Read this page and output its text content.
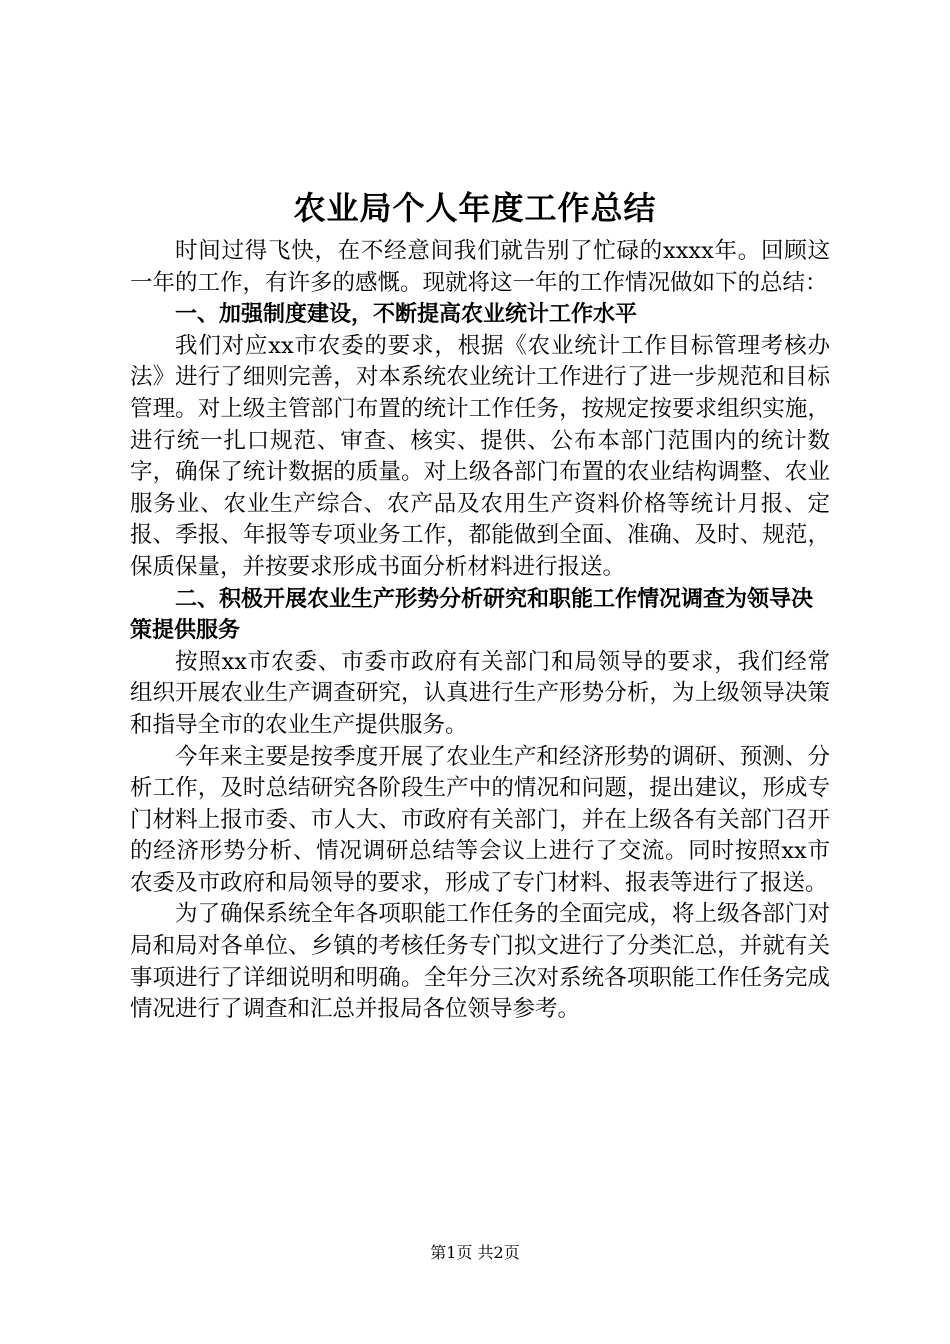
农业局个人年度工作总结

时间过得飞快，在不经意间我们就告别了忙碌的xxxx年。回顾这一年的工作，有许多的感慨。现就将这一年的工作情况做如下的总结：

一、加强制度建设，不断提高农业统计工作水平

我们对应xx市农委的要求，根据《农业统计工作目标管理考核办法》进行了细则完善，对本系统农业统计工作进行了进一步规范和目标管理。对上级主管部门布置的统计工作任务，按规定按要求组织实施，进行统一扎口规范、审查、核实、提供、公布本部门范围内的统计数字，确保了统计数据的质量。对上级各部门布置的农业结构调整、农业服务业、农业生产综合、农产品及农用生产资料价格等统计月报、定报、季报、年报等专项业务工作，都能做到全面、准确、及时、规范，保质保量，并按要求形成书面分析材料进行报送。

二、积极开展农业生产形势分析研究和职能工作情况调查为领导决策提供服务

按照xx市农委、市委市政府有关部门和局领导的要求，我们经常组织开展农业生产调查研究，认真进行生产形势分析，为上级领导决策和指导全市的农业生产提供服务。

今年来主要是按季度开展了农业生产和经济形势的调研、预测、分析工作，及时总结研究各阶段生产中的情况和问题，提出建议，形成专门材料上报市委、市人大、市政府有关部门，并在上级各有关部门召开的经济形势分析、情况调研总结等会议上进行了交流。同时按照xx市农委及市政府和局领导的要求，形成了专门材料、报表等进行了报送。

为了确保系统全年各项职能工作任务的全面完成，将上级各部门对局和局对各单位、乡镇的考核任务专门拟文进行了分类汇总，并就有关事项进行了详细说明和明确。全年分三次对系统各项职能工作任务完成情况进行了调查和汇总并报局各位领导参考。

第1页 共2页
